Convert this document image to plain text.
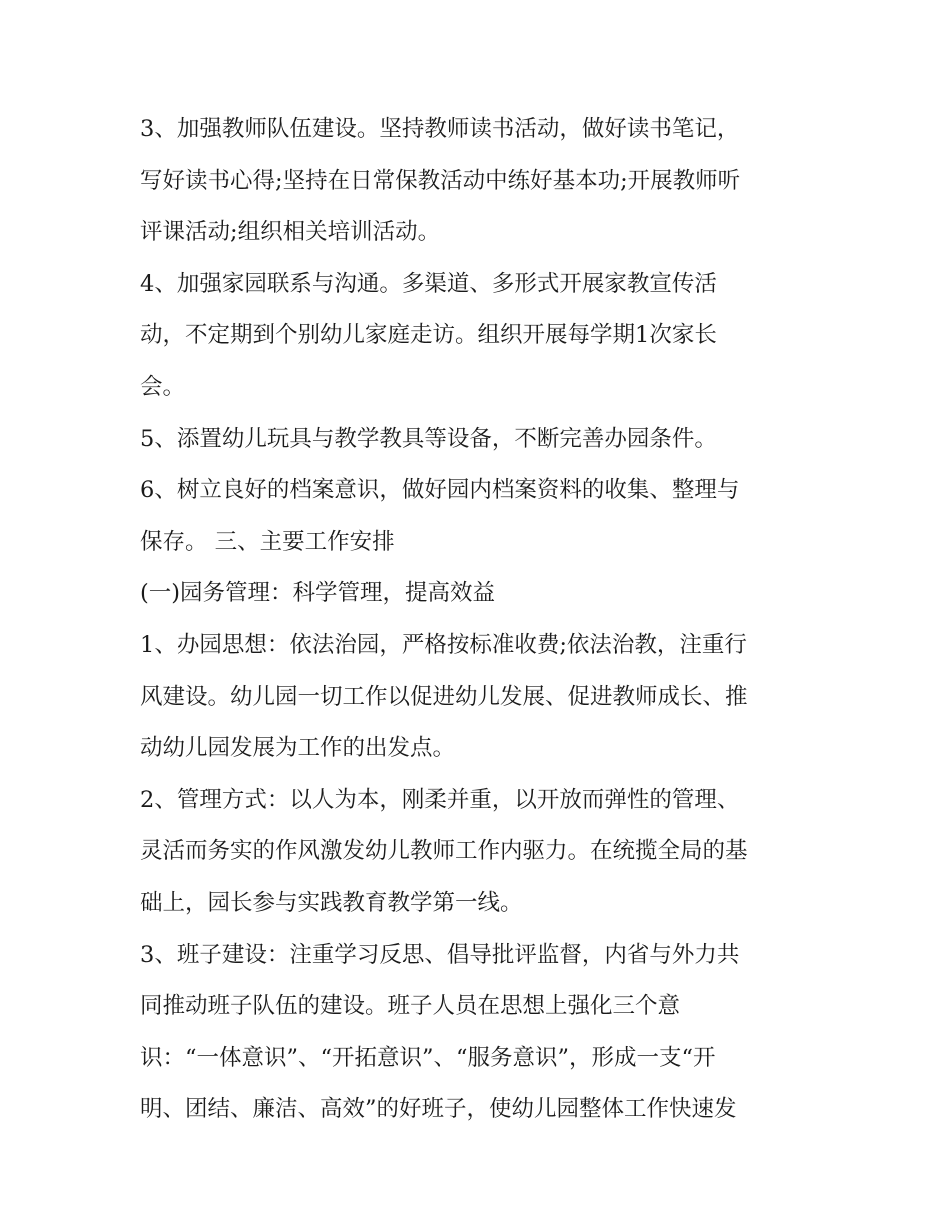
3、加强教师队伍建设。坚持教师读书活动，做好读书笔记，
写好读书心得;坚持在日常保教活动中练好基本功;开展教师听
评课活动;组织相关培训活动。
4、加强家园联系与沟通。多渠道、多形式开展家教宣传活
动，不定期到个别幼儿家庭走访。组织开展每学期1次家长
会。
5、添置幼儿玩具与教学教具等设备，不断完善办园条件。
6、树立良好的档案意识，做好园内档案资料的收集、整理与
保存。 三、主要工作安排
(一)园务管理：科学管理，提高效益
1、办园思想：依法治园，严格按标准收费;依法治教，注重行
风建设。幼儿园一切工作以促进幼儿发展、促进教师成长、推
动幼儿园发展为工作的出发点。
2、管理方式：以人为本，刚柔并重，以开放而弹性的管理、
灵活而务实的作风激发幼儿教师工作内驱力。在统揽全局的基
础上，园长参与实践教育教学第一线。
3、班子建设：注重学习反思、倡导批评监督，内省与外力共
同推动班子队伍的建设。班子人员在思想上强化三个意
识：“一体意识”、“开拓意识”、“服务意识”，形成一支“开
明、团结、廉洁、高效”的好班子，使幼儿园整体工作快速发
